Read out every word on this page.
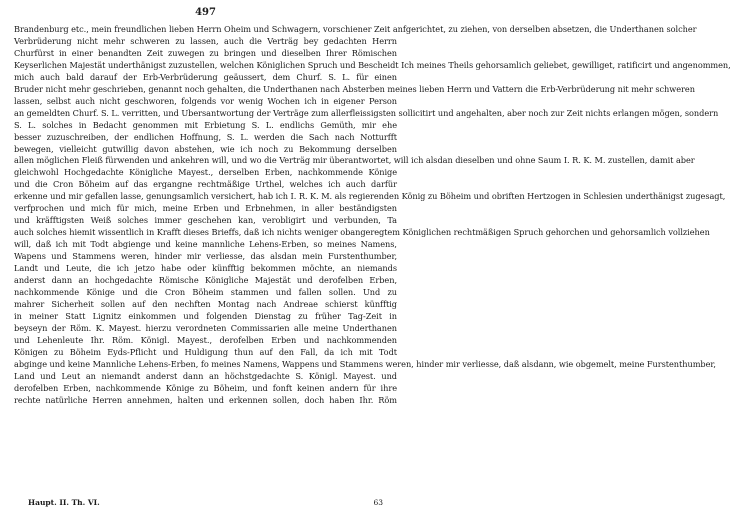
497
Brandenburg etc., mein freundlichen lieben Herrn Oheim und Schwagern, vorschiener Zeit anfgerichtet, zu ziehen, von derselben absetzen, die Underthanen solcher
Verbrüderung nicht mehr schweren zu lassen, auch die Verträg bey gedachten Herrn
Churfürst in einer benandten Zeit zuwegen zu bringen und dieselben Ihrer Römischen
Keyserlichen Majestät underthänigst zuzustellen, welchen Königlichen Spruch und Bescheidt Ich meines Theils gehorsamlich geliebet, gewilliget, ratificirt und angenommen,
mich auch bald darauf der Erb-Verbrüderung geäussert, dem Churf. S. L. für einen
Bruder nicht mehr geschrieben, genannt noch gehalten, die Underthanen nach Absterben meines lieben Herrn und Vattern die Erb-Verbrüderung nit mehr schweren
lassen, selbst auch nicht geschworen, folgends vor wenig Wochen ich in eigener Person
an gemeldten Churf. S. L. verritten, und Ubersantwortung der Verträge zum allerfleissigsten sollicitirt und angehalten, aber noch zur Zeit nichts erlangen mögen, sondern
S. L. solches in Bedacht genommen mit Erbietung S. L. endlichs Gemüth, mir ehe
besser zuzuschreiben, der endlichen Hoffnung, S. L. werden die Sach nach Notturfft
bewegen, vielleicht gutwillig davon abstehen, wie ich noch zu Bekommung derselben
allen möglichen Fleiß fürwenden und ankehren will, und wo die Verträg mir überantwortet, will ich alsdan dieselben und ohne Saum I. R. K. M. zustellen, damit aber
gleichwohl Hochgedachte Königliche Mayest., derselben Erben, nachkommende Könige
und die Cron Böheim auf das ergangne rechtmäßige Urthel, welches ich auch darfür
erkenne und mir gefallen lasse, genungsamlich versichert, hab ich I. R. K. M. als regierenden König zu Böheim und obriften Hertzogen in Schlesien underthänigst zugesagt,
verfprochen und mich für mich, meine Erben und Erbnehmen, in aller beständigsten
und kräfftigsten Weiß solches immer geschehen kan, verobligirt und verbunden, Ta
auch solches hiemit wissentlich in Krafft dieses Brieffs, daß ich nichts weniger obangeregtem Königlichen rechtmäßigen Spruch gehorchen und gehorsamlich vollziehen
will, daß ich mit Todt abgienge und keine mannliche Lehens-Erben, so meines Namens,
Wapens und Stammens weren, hinder mir verliesse, das alsdan mein Furstenthumber,
Landt und Leute, die ich jetzo habe oder künfftig bekommen möchte, an niemands
anderst dann an hochgedachte Römische Königliche Majestät und derofelben Erben,
nachkommende Könige und die Cron Böheim stammen und fallen sollen. Und zu
mahrer Sicherheit sollen auf den nechften Montag nach Andreae schierst künfftig
in meiner Statt Lignitz einkommen und folgenden Dienstag zu früher Tag-Zeit in
beyseyn der Röm. K. Mayest. hierzu verordneten Commissarien alle meine Underthanen
und Lehenleute Ihr. Röm. Königl. Mayest., derofelben Erben und nachkommenden
Königen zu Böheim Eyds-Pflicht und Huldigung thun auf den Fall, da ich mit Todt
abginge und keine Mannliche Lehens-Erben, fo meines Namens, Wappens und Stammens weren, hinder mir verliesse, daß alsdann, wie obgemelt, meine Furstenthumber,
Land und Leut an niemandt anderst dann an höchstgedachte S. Königl. Mayest. und
derofelben Erben, nachkommende Könige zu Böheim, und fonft keinen andern für ihre
rechte natürliche Herren annehmen, halten und erkennen sollen, doch haben Ihr. Röm
Haupt. II. Th. VI.	63
